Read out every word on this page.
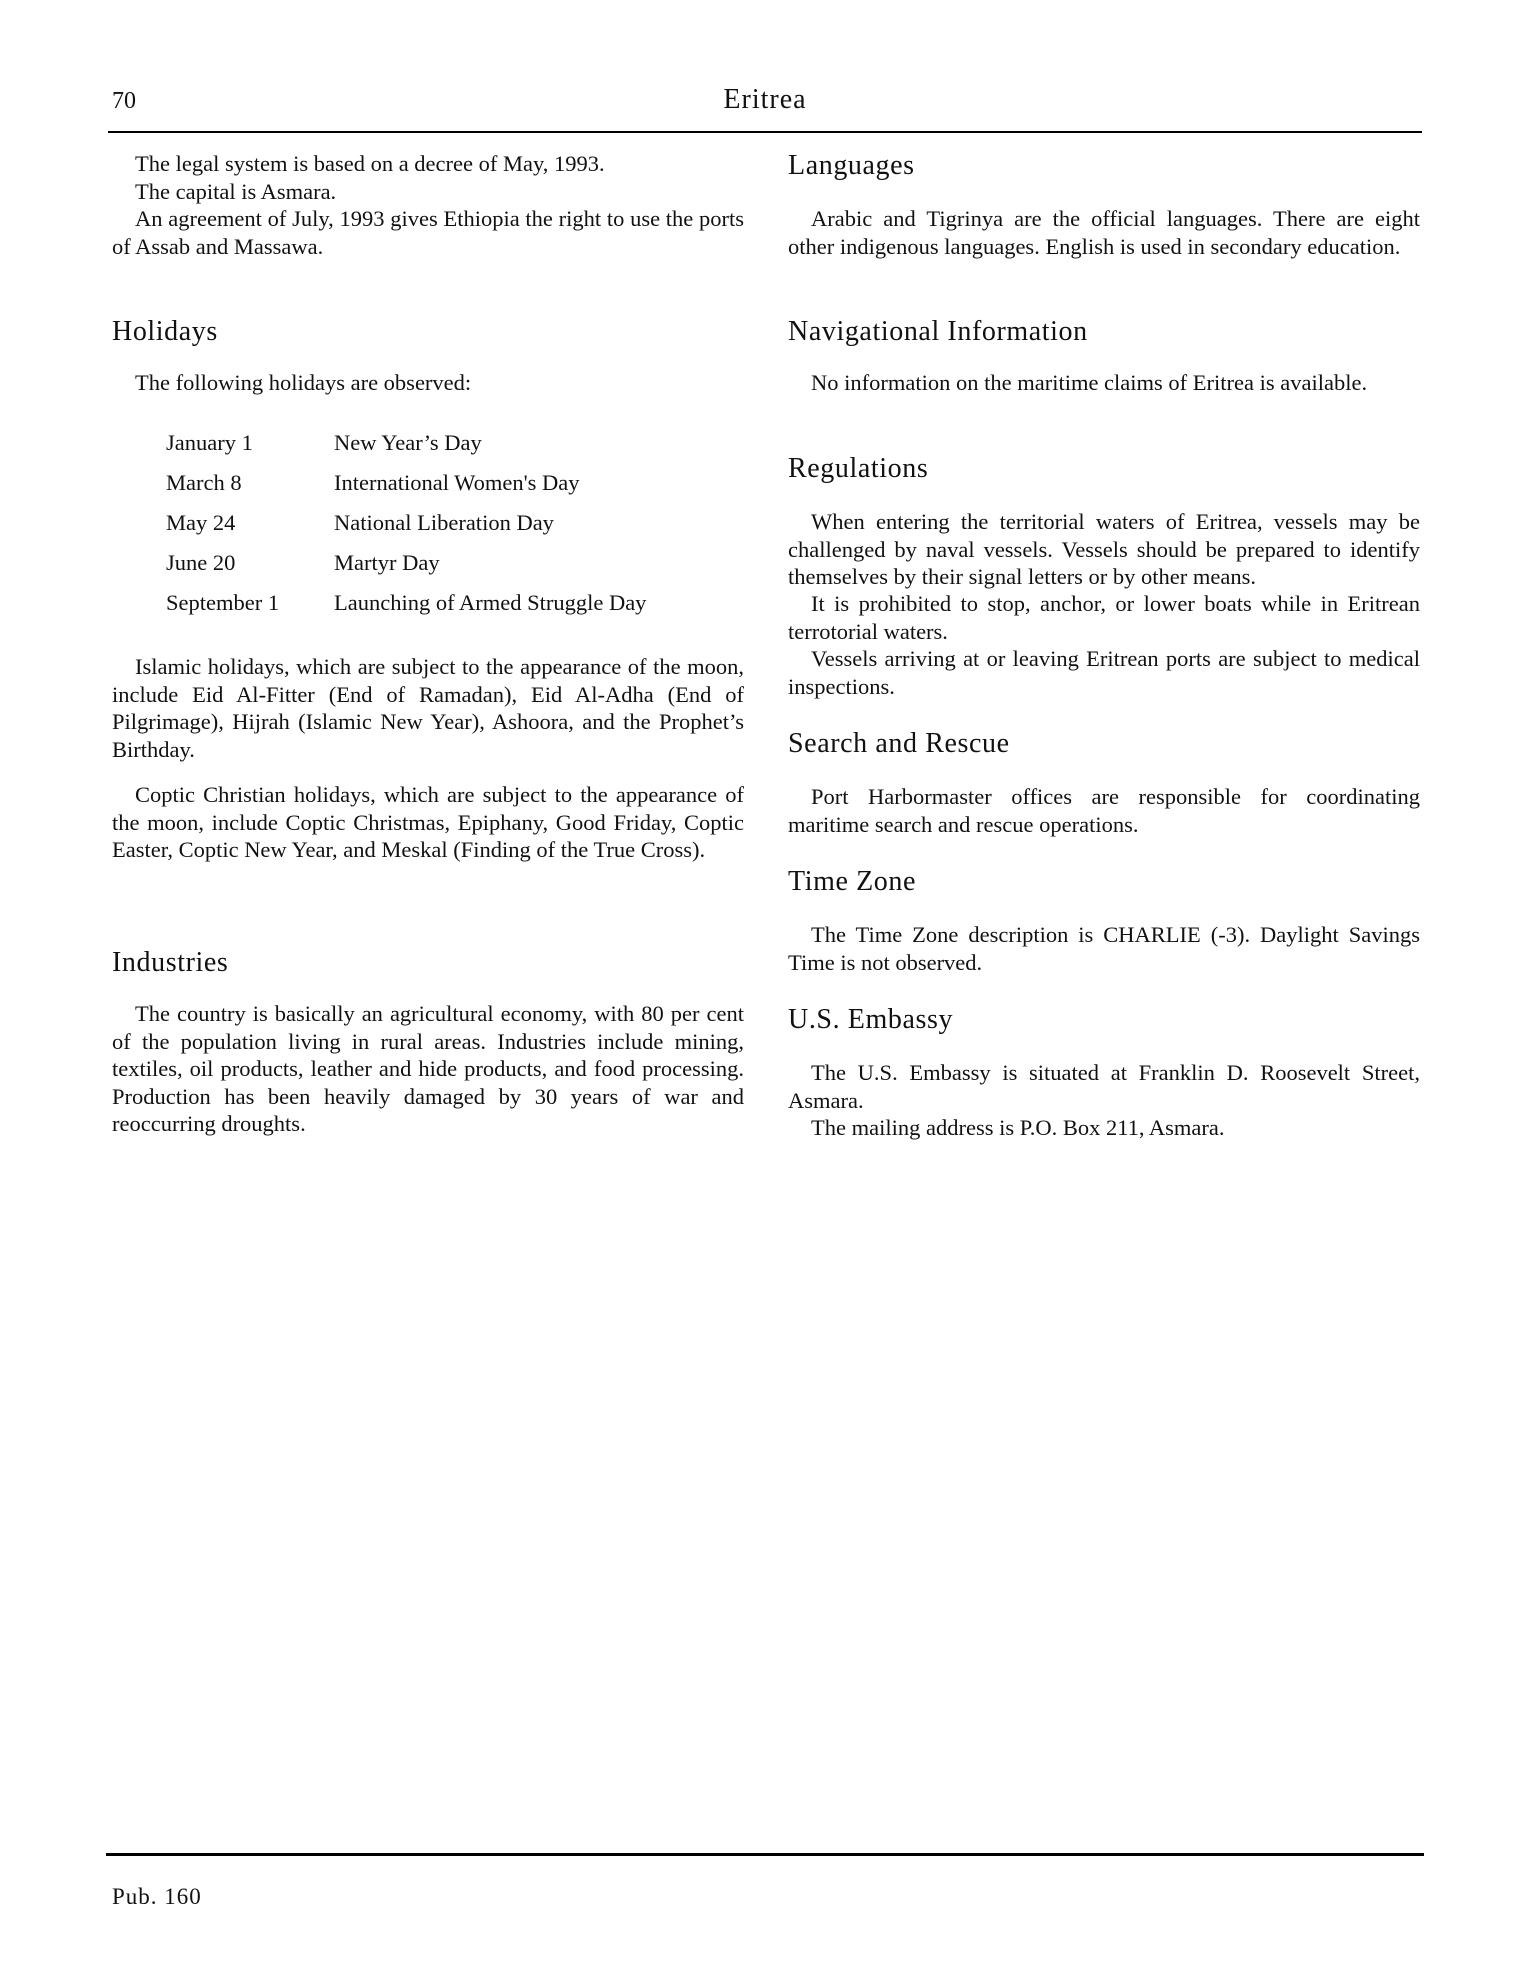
70	Eritrea

The legal system is based on a decree of May, 1993.

The capital is Asmara.

An agreement of July, 1993 gives Ethiopia the right to use the ports of Assab and Massawa.

Holidays

The following holidays are observed:

January 1	New Year’s Day
March 8	International Women's Day
May 24	National Liberation Day
June 20	Martyr Day
September 1 Launching of Armed Struggle Day

Islamic holidays, which are subject to the appearance of the moon, include Eid Al-Fitter (End of Ramadan), Eid Al-Adha (End of Pilgrimage), Hijrah (Islamic New Year), Ashoora, and the Prophet’s Birthday.

Coptic Christian holidays, which are subject to the appearance of the moon, include Coptic Christmas, Epiphany, Good Friday, Coptic Easter, Coptic New Year, and Meskal (Finding of the True Cross).

Industries

The country is basically an agricultural economy, with 80 per cent of the population living in rural areas. Industries include mining, textiles, oil products, leather and hide products, and food processing. Production has been heavily damaged by 30 years of war and reoccurring droughts.

Languages

Arabic and Tigrinya are the official languages. There are eight other indigenous languages. English is used in secondary education.

Navigational Information

No information on the maritime claims of Eritrea is available.

Regulations

When entering the territorial waters of Eritrea, vessels may be challenged by naval vessels. Vessels should be prepared to identify themselves by their signal letters or by other means.

It is prohibited to stop, anchor, or lower boats while in Eritrean terrotorial waters.

Vessels arriving at or leaving Eritrean ports are subject to medical inspections.

Search and Rescue

Port Harbormaster offices are responsible for coordinating maritime search and rescue operations.

Time Zone

The Time Zone description is CHARLIE (-3). Daylight Savings Time is not observed.

U.S. Embassy

The U.S. Embassy is situated at Franklin D. Roosevelt Street, Asmara.

The mailing address is P.O. Box 211, Asmara.

Pub. 160
